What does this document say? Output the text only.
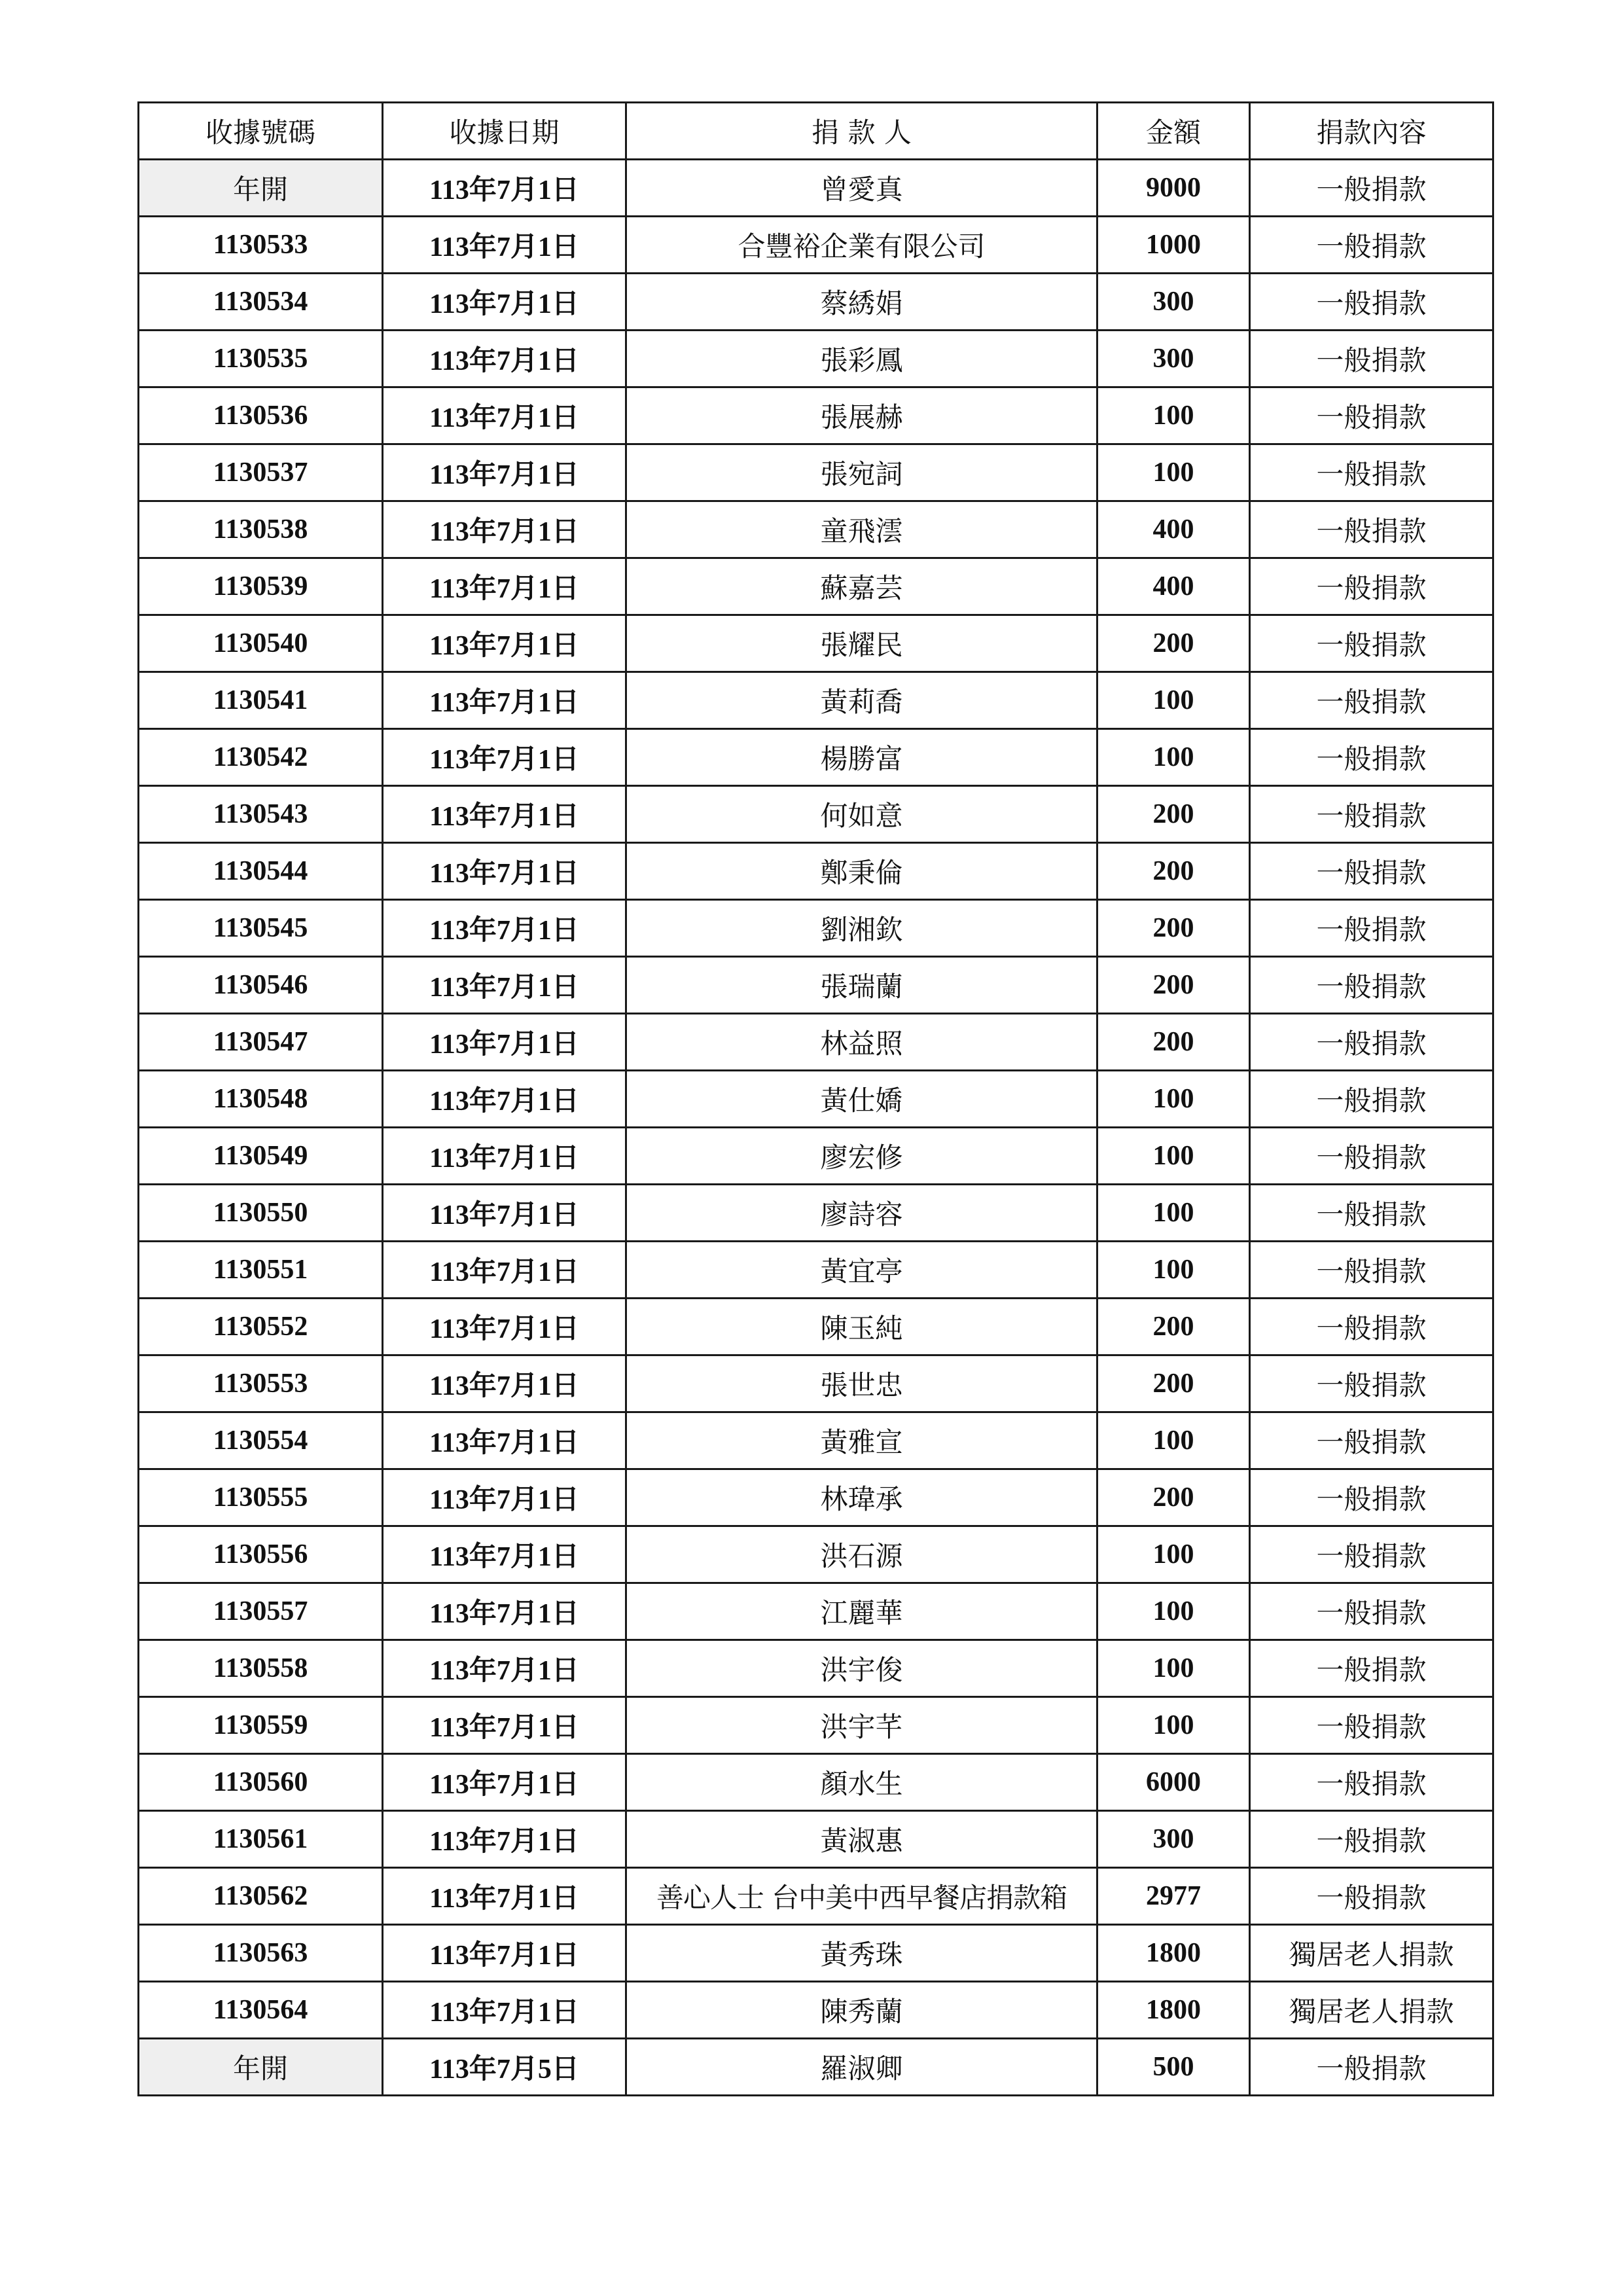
收據號碼	收據日期	捐 款 人	金額	捐款內容
年開	113年7月1日	曾愛真	9000	一般捐款
1130533	113年7月1日	合豐裕企業有限公司	1000	一般捐款
1130534	113年7月1日	蔡綉娟	300	一般捐款
1130535	113年7月1日	張彩鳳	300	一般捐款
1130536	113年7月1日	張展赫	100	一般捐款
1130537	113年7月1日	張宛詞	100	一般捐款
1130538	113年7月1日	童飛澐	400	一般捐款
1130539	113年7月1日	蘇嘉芸	400	一般捐款
1130540	113年7月1日	張耀民	200	一般捐款
1130541	113年7月1日	黃莉喬	100	一般捐款
1130542	113年7月1日	楊勝富	100	一般捐款
1130543	113年7月1日	何如意	200	一般捐款
1130544	113年7月1日	鄭秉倫	200	一般捐款
1130545	113年7月1日	劉湘欽	200	一般捐款
1130546	113年7月1日	張瑞蘭	200	一般捐款
1130547	113年7月1日	林益照	200	一般捐款
1130548	113年7月1日	黃仕嬌	100	一般捐款
1130549	113年7月1日	廖宏修	100	一般捐款
1130550	113年7月1日	廖詩容	100	一般捐款
1130551	113年7月1日	黃宜亭	100	一般捐款
1130552	113年7月1日	陳玉純	200	一般捐款
1130553	113年7月1日	張世忠	200	一般捐款
1130554	113年7月1日	黃雅宣	100	一般捐款
1130555	113年7月1日	林瑋承	200	一般捐款
1130556	113年7月1日	洪石源	100	一般捐款
1130557	113年7月1日	江麗華	100	一般捐款
1130558	113年7月1日	洪宇俊	100	一般捐款
1130559	113年7月1日	洪宇芊	100	一般捐款
1130560	113年7月1日	顏水生	6000	一般捐款
1130561	113年7月1日	黃淑惠	300	一般捐款
1130562	113年7月1日	善心人士 台中美中西早餐店捐款箱	2977	一般捐款
1130563	113年7月1日	黃秀珠	1800	獨居老人捐款
1130564	113年7月1日	陳秀蘭	1800	獨居老人捐款
年開	113年7月5日	羅淑卿	500	一般捐款
